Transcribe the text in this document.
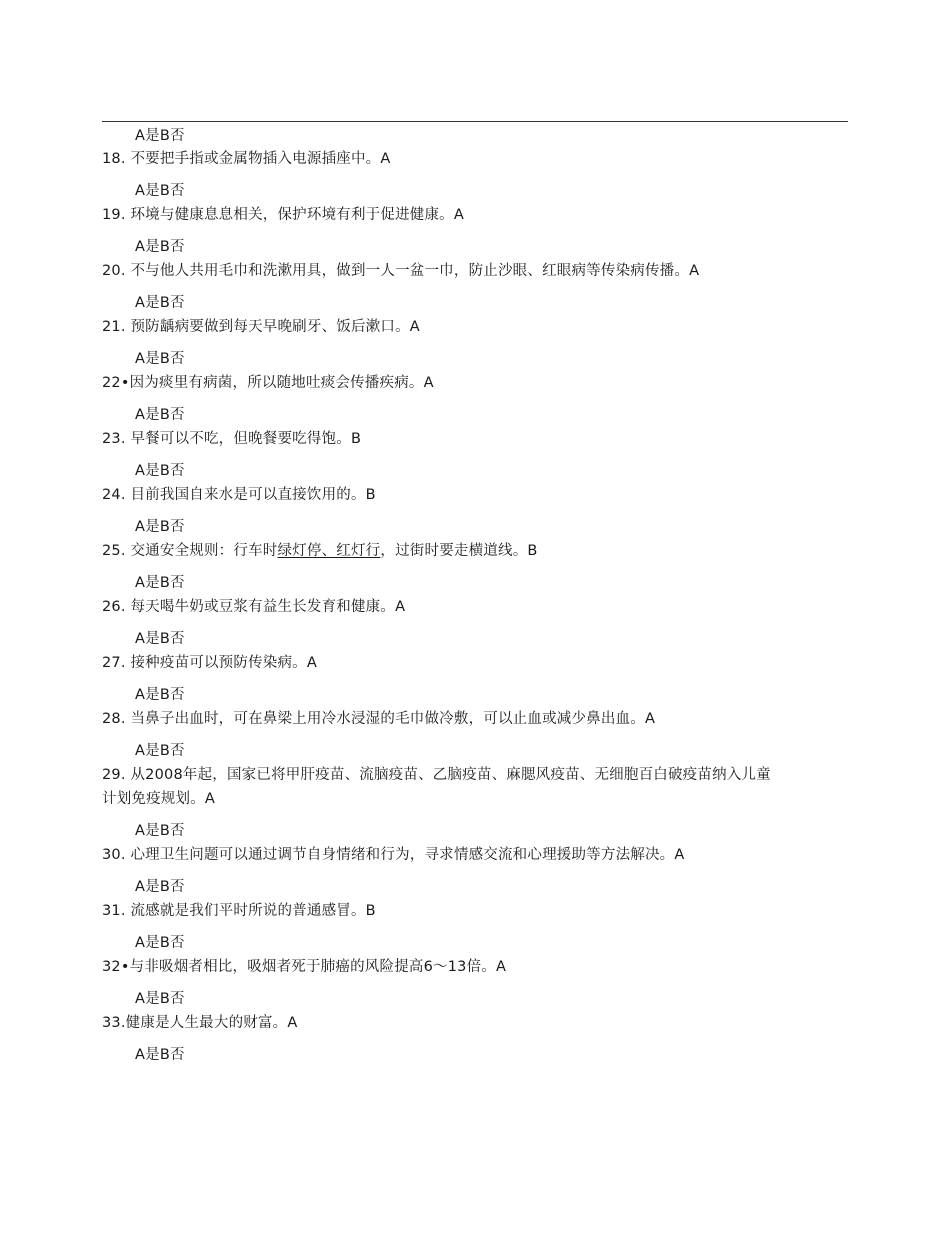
A是B否
18. 不要把手指或金属物插入电源插座中。A
A是B否
19. 环境与健康息息相关，保护环境有利于促进健康。A
A是B否
20. 不与他人共用毛巾和洗漱用具，做到一人一盆一巾，防止沙眼、红眼病等传染病传播。A
A是B否
21. 预防龋病要做到每天早晚刷牙、饭后漱口。A
A是B否
22•因为痰里有病菌，所以随地吐痰会传播疾病。A
A是B否
23. 早餐可以不吃，但晚餐要吃得饱。B
A是B否
24. 目前我国自来水是可以直接饮用的。B
A是B否
25. 交通安全规则：行车时绿灯停、红灯行，过街时要走横道线。B
A是B否
26. 每天喝牛奶或豆浆有益生长发育和健康。A
A是B否
27. 接种疫苗可以预防传染病。A
A是B否
28. 当鼻子出血时，可在鼻梁上用冷水浸湿的毛巾做冷敷，可以止血或减少鼻出血。A
A是B否
29. 从2008年起，国家已将甲肝疫苗、流脑疫苗、乙脑疫苗、麻腮风疫苗、无细胞百白破疫苗纳入儿童
计划免疫规划。A
A是B否
30. 心理卫生问题可以通过调节自身情绪和行为，寻求情感交流和心理援助等方法解决。A
A是B否
31. 流感就是我们平时所说的普通感冒。B
A是B否
32•与非吸烟者相比，吸烟者死于肺癌的风险提高6〜13倍。A
A是B否
33.健康是人生最大的财富。A
A是B否
